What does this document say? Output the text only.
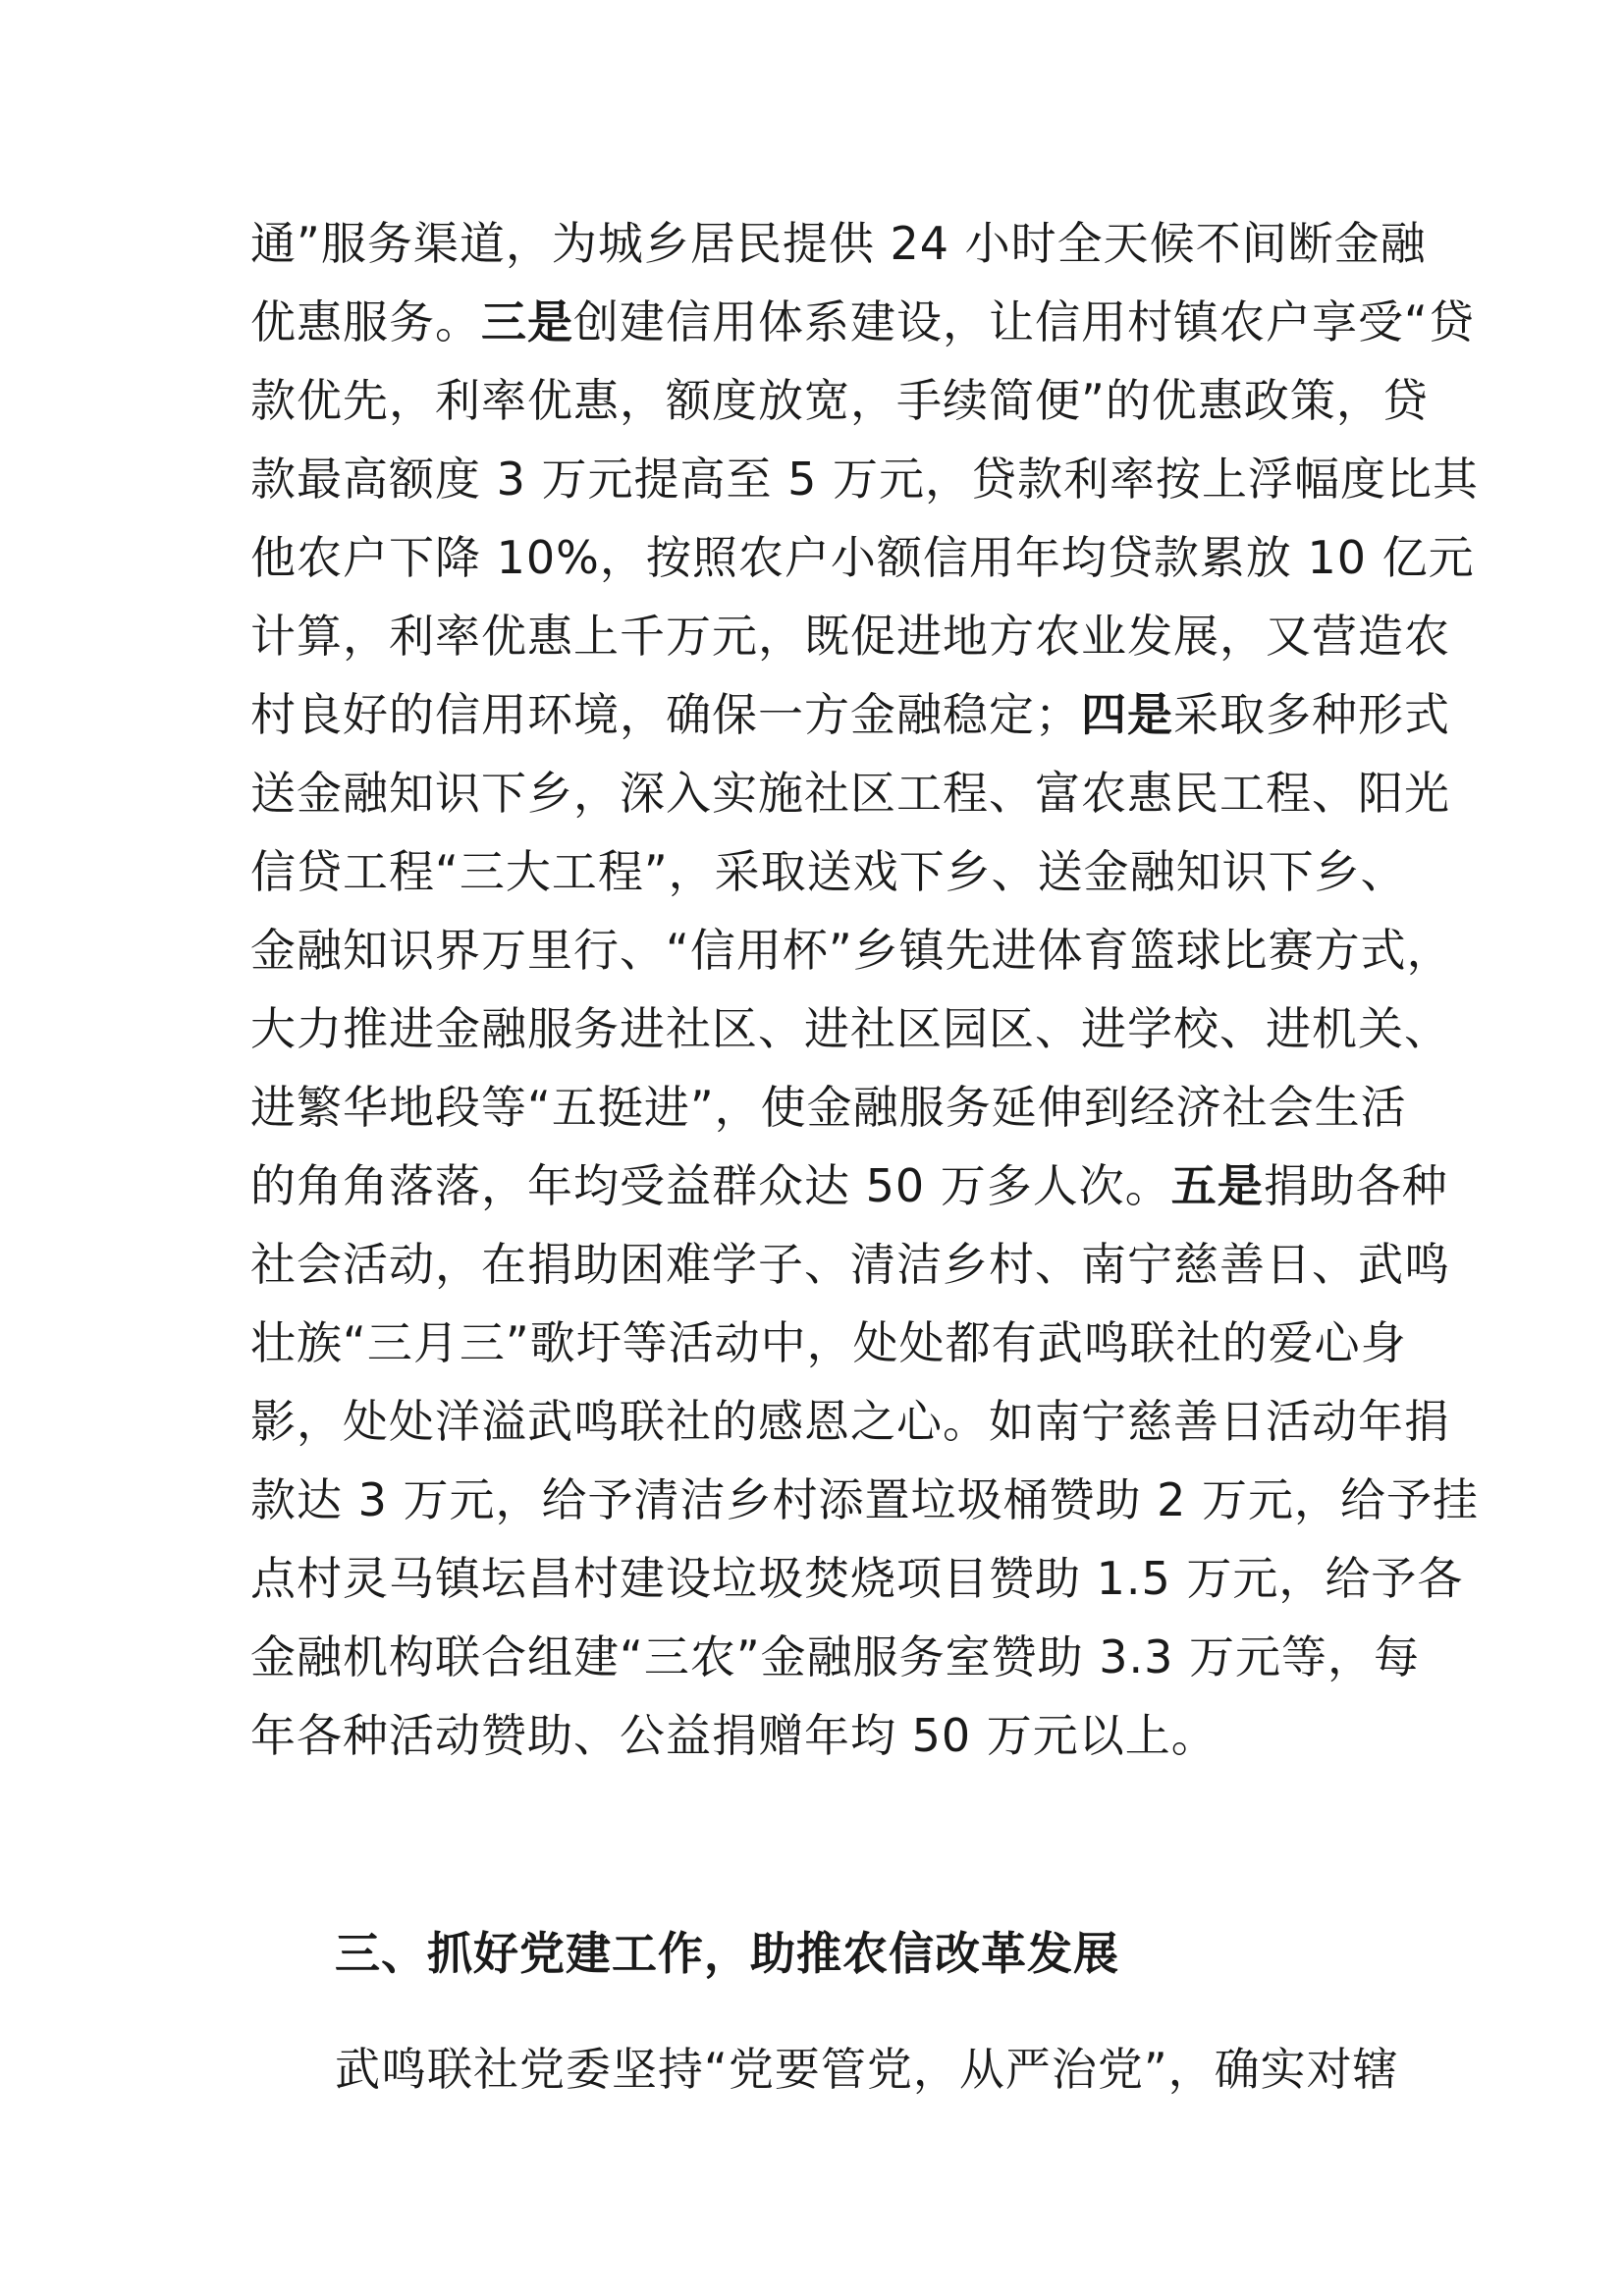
通”服务渠道，为城乡居民提供 24 小时全天候不间断金融
优惠服务。三是创建信用体系建设，让信用村镇农户享受“贷
款优先，利率优惠，额度放宽，手续简便”的优惠政策，贷
款最高额度 3 万元提高至 5 万元，贷款利率按上浮幅度比其
他农户下降 10%，按照农户小额信用年均贷款累放 10 亿元
计算，利率优惠上千万元，既促进地方农业发展，又营造农
村良好的信用环境，确保一方金融稳定；四是采取多种形式
送金融知识下乡，深入实施社区工程、富农惠民工程、阳光
信贷工程“三大工程”，采取送戏下乡、送金融知识下乡、
金融知识界万里行、“信用杯”乡镇先进体育篮球比赛方式，
大力推进金融服务进社区、进社区园区、进学校、进机关、
进繁华地段等“五挺进”，使金融服务延伸到经济社会生活
的角角落落，年均受益群众达 50 万多人次。五是捐助各种
社会活动，在捐助困难学子、清洁乡村、南宁慈善日、武鸣
壮族“三月三”歌圩等活动中，处处都有武鸣联社的爱心身
影，处处洋溢武鸣联社的感恩之心。如南宁慈善日活动年捐
款达 3 万元，给予清洁乡村添置垃圾桶赞助 2 万元，给予挂
点村灵马镇坛昌村建设垃圾焚烧项目赞助 1.5 万元，给予各
金融机构联合组建“三农”金融服务室赞助 3.3 万元等，每
年各种活动赞助、公益捐赠年均 50 万元以上。
三、抓好党建工作，助推农信改革发展
武鸣联社党委坚持“党要管党，从严治党”，确实对辖
